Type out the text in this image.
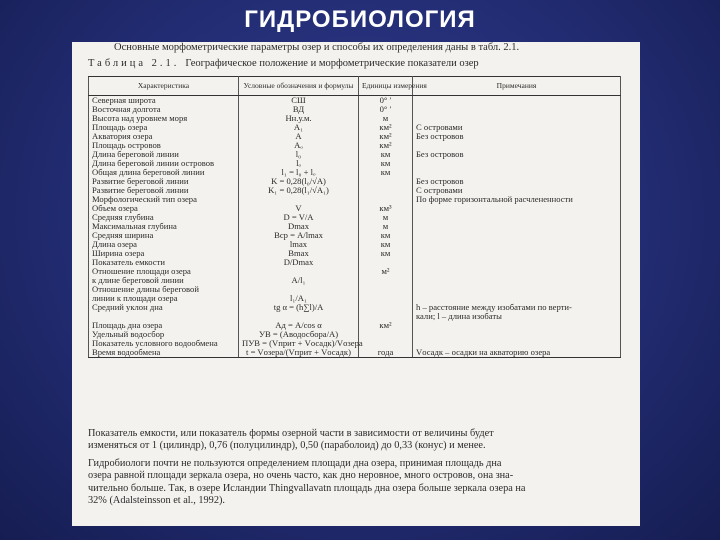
ГИДРОБИОЛОГИЯ
Основные морфометрические параметры озер и способы их определения даны в табл. 2.1.
Таблица 2.1. Географическое положение и морфометрические показатели озер
Характеристика	Условные обозначения и формулы	Единицы измерения	Примечания
Северная широта	СШ	0° ′	
Восточная долгота	ВД	0° ′	
Высота над уровнем моря	Нн.у.м.	м	
Площадь озера	A₁	км²	С островами
Акватория озера	A	км²	Без островов
Площадь островов	Aₒ	км²	
Длина береговой линии	l₀	км	Без островов
Длина береговой линии островов	lₒ	км	
Общая длина береговой линии	l₁ = l₀ + lₒ	км	
Развитие береговой линии	K = 0,28(l₀/√A)		Без островов
Развитие береговой линии	K₁ = 0,28(l₁/√A₁)		С островами
Морфологический тип озера			По форме горизонтальной расчлененности
Объем озера	V	км³	
Средняя глубина	D = V/A	м	
Максимальная глубина	Dmax	м	
Средняя ширина	Bср = A/lmax	км	
Длина озера	lmax	км	
Ширина озера	Bmax	км	
Показатель емкости	D/Dmax		
Отношение площади озера		м²	
к длине береговой линии	A/l₁		
Отношение длины береговой			
линии к площади озера	l₁/A₁		
Средний уклон дна	tg α = (h∑l)/A		h – расстояние между изобатами по верти-
			кали; l – длина изобаты
Площадь дна озера	Aд = A/cos α	км²	
Удельный водосбор	УВ = (Aводосбора/A)		
Показатель условного водообмена	ПУВ = (Vприт + Vосадк)/Vозера		
Время водообмена	t = Vозера/(Vприт + Vосадк)	года	Vосадк – осадки на акваторию озера
Показатель емкости, или показатель формы озерной части в зависимости от величины будет
изменяться от 1 (цилиндр), 0,76 (полуцилиндр), 0,50 (параболоид) до 0,33 (конус) и менее.
Гидробиологи почти не пользуются определением площади дна озера, принимая площадь дна
озера равной площади зеркала озера, но очень часто, как дно неровное, много островов, она зна-
чительно больше. Так, в озере Исландии Thingvallavatn площадь дна озера больше зеркала озера на
32% (Adalsteinsson et al., 1992).
